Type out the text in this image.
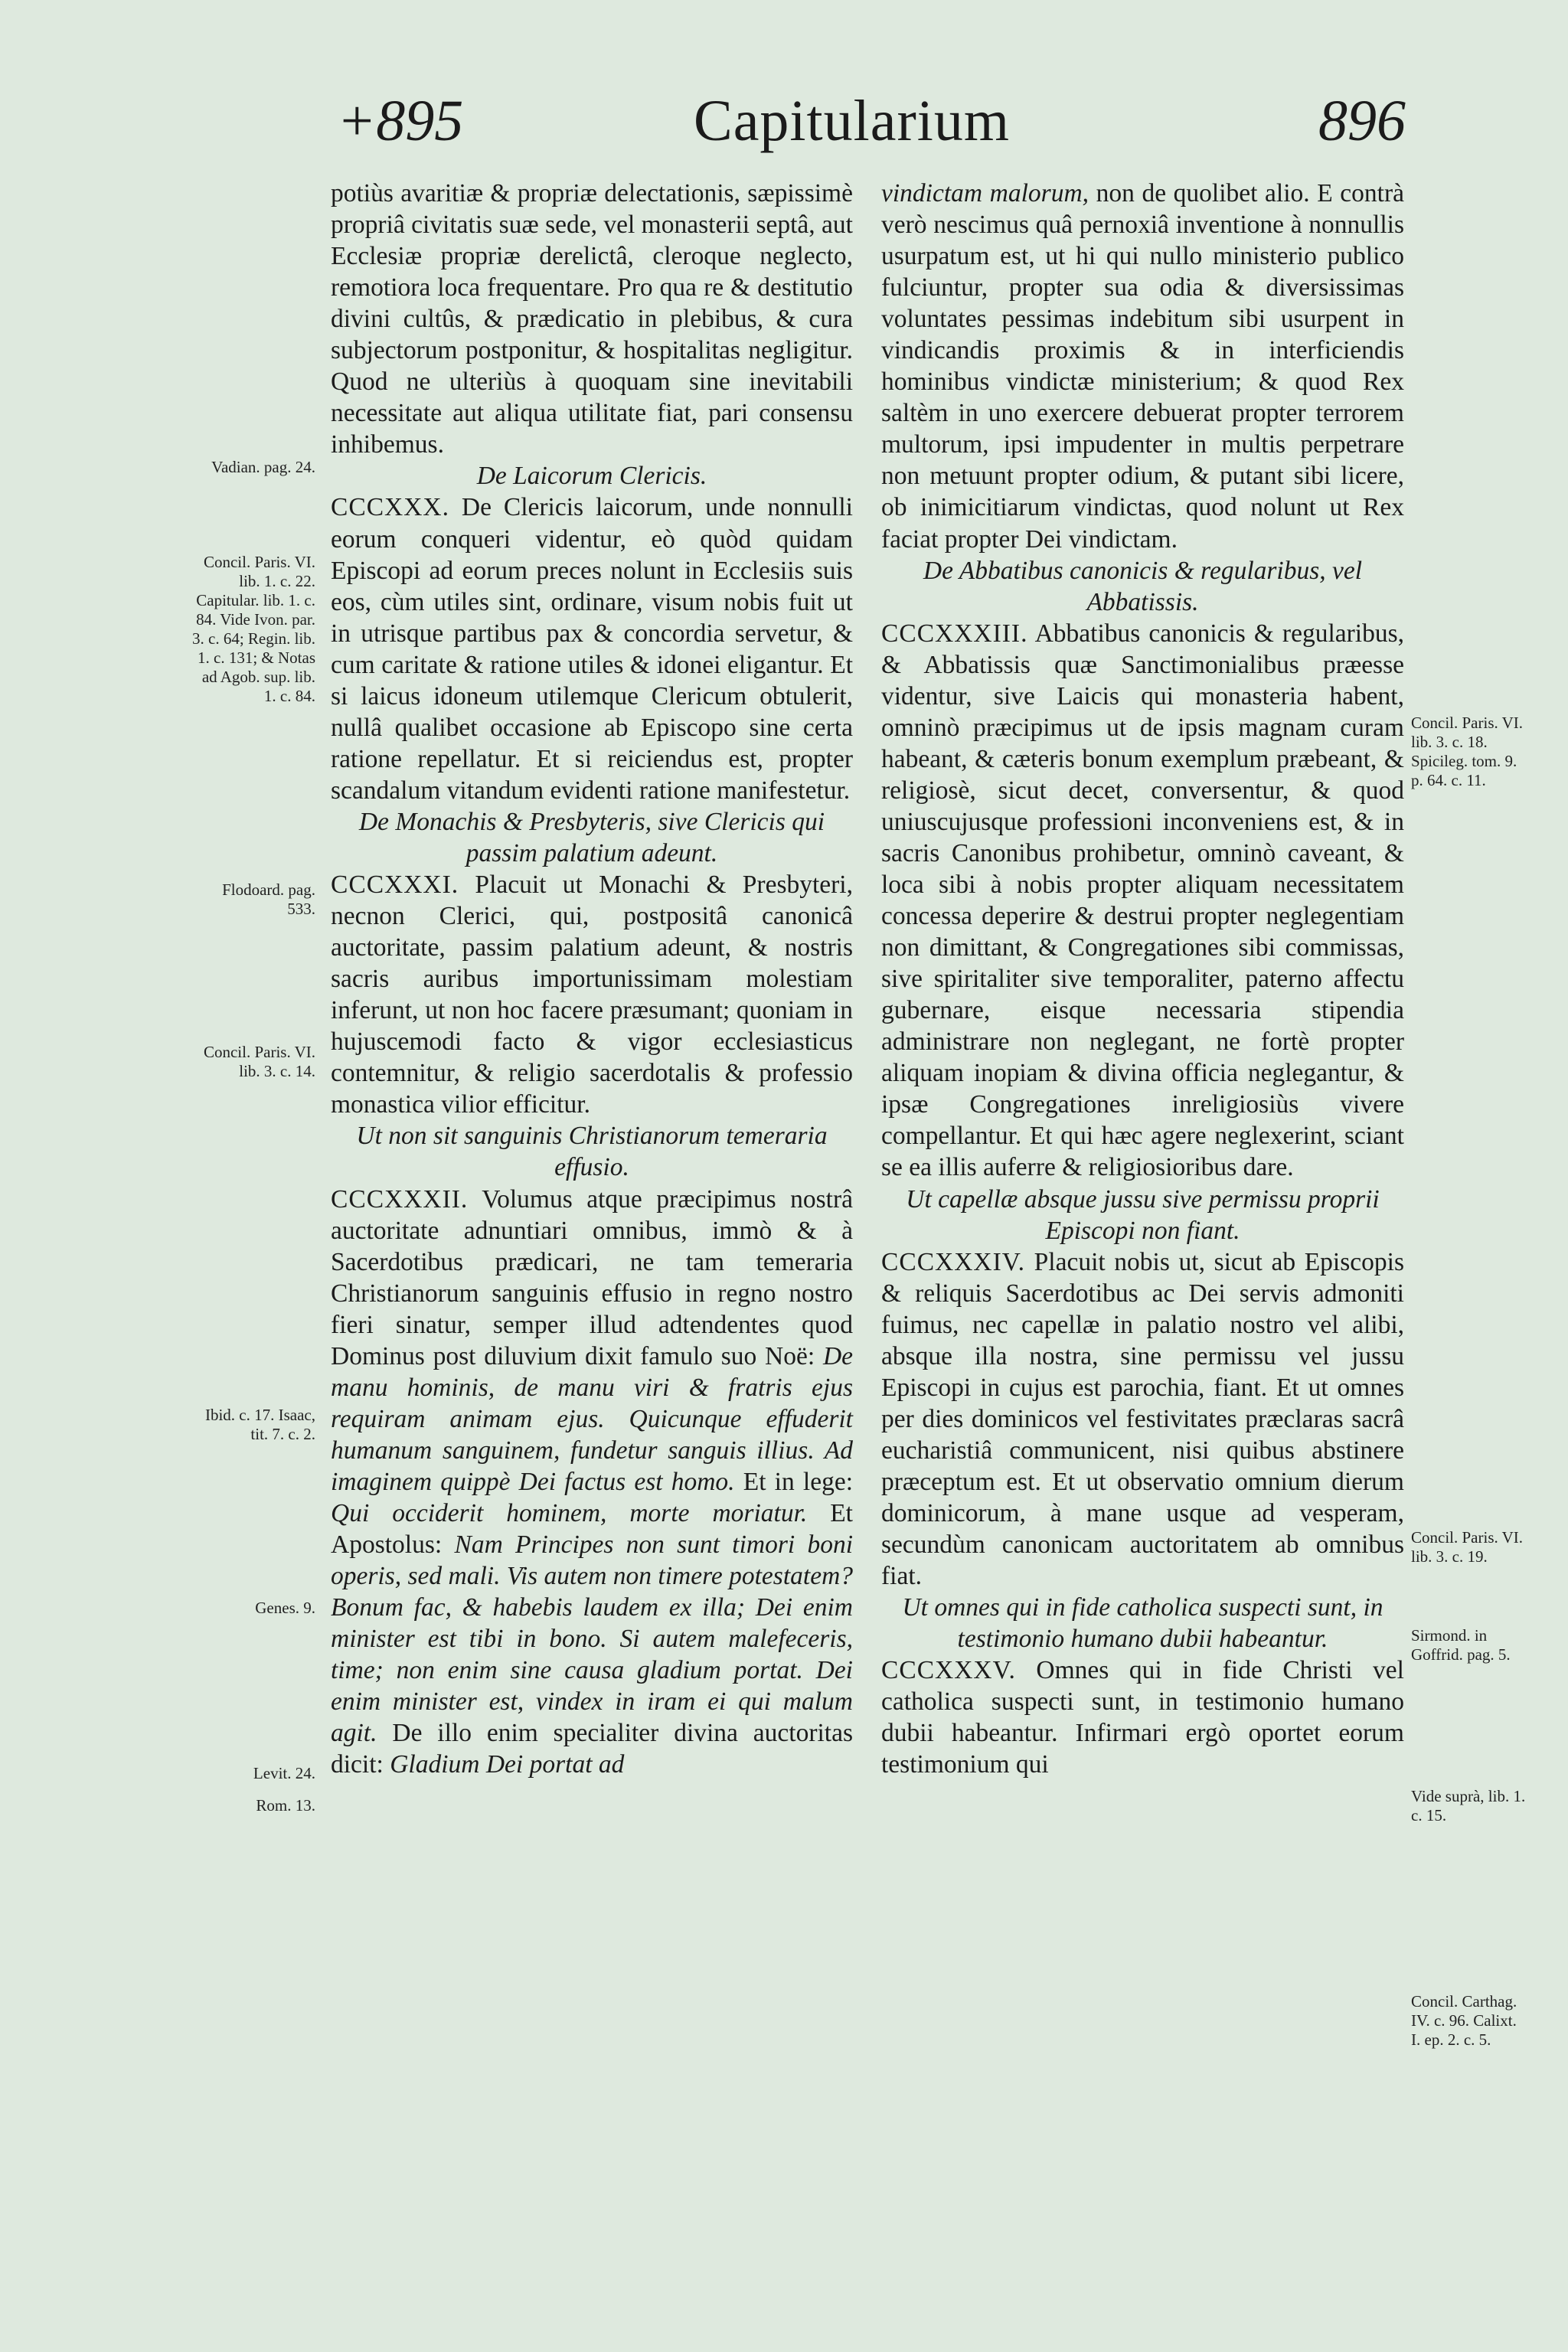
+895	Capitularium	896

potiùs avaritiæ & propriæ delectationis, sæpissimè propriâ civitatis suæ sede, vel monasterii septâ, aut Ecclesiæ propriæ derelictâ, cleroque neglecto, remotiora loca frequentare. Pro qua re & destitutio divini cultûs, & prædicatio in plebibus, & cura subjectorum postponitur, & hospitalitas negligitur. Quod ne ulteriùs à quoquam sine inevitabili necessitate aut aliqua utilitate fiat, pari consensu inhibemus.

De Laicorum Clericis.

CCCXXX. De Clericis laicorum, unde nonnulli eorum conqueri videntur, eò quòd quidam Episcopi ad eorum preces nolunt in Ecclesiis suis eos, cùm utiles sint, ordinare, visum nobis fuit ut in utrisque partibus pax & concordia servetur, & cum caritate & ratione utiles & idonei eligantur. Et si laicus idoneum utilemque Clericum obtulerit, nullâ qualibet occasione ab Episcopo sine certa ratione repellatur. Et si reiciendus est, propter scandalum vitandum evidenti ratione manifestetur.

De Monachis & Presbyteris, sive Clericis qui passim palatium adeunt.

CCCXXXI. Placuit ut Monachi & Presbyteri, necnon Clerici, qui, postpositâ canonicâ auctoritate, passim palatium adeunt, & nostris sacris auribus importunissimam molestiam inferunt, ut non hoc facere præsumant; quoniam in hujuscemodi facto & vigor ecclesiasticus contemnitur, & religio sacerdotalis & professio monastica vilior efficitur.

Ut non sit sanguinis Christianorum temeraria effusio.

CCCXXXII. Volumus atque præcipimus nostrâ auctoritate adnuntiari omnibus, immò & à Sacerdotibus prædicari, ne tam temeraria Christianorum sanguinis effusio in regno nostro fieri sinatur, semper illud adtendentes quod Dominus post diluvium dixit famulo suo Noë: De manu hominis, de manu viri & fratris ejus requiram animam ejus. Quicunque effuderit humanum sanguinem, fundetur sanguis illius. Ad imaginem quippè Dei factus est homo. Et in lege: Qui occiderit hominem, morte moriatur. Et Apostolus: Nam Principes non sunt timori boni operis, sed mali. Vis autem non timere potestatem? Bonum fac, & habebis laudem ex illa; Dei enim minister est tibi in bono. Si autem malefeceris, time; non enim sine causa gladium portat. Dei enim minister est, vindex in iram ei qui malum agit. De illo enim specialiter divina auctoritas dicit: Gladium Dei portat ad

vindictam malorum, non de quolibet alio. E contrà verò nescimus quâ pernoxiâ inventione à nonnullis usurpatum est, ut hi qui nullo ministerio publico fulciuntur, propter sua odia & diversissimas voluntates pessimas indebitum sibi usurpent in vindicandis proximis & in interficiendis hominibus vindictæ ministerium; & quod Rex saltèm in uno exercere debuerat propter terrorem multorum, ipsi impudenter in multis perpetrare non metuunt propter odium, & putant sibi licere, ob inimicitiarum vindictas, quod nolunt ut Rex faciat propter Dei vindictam.

De Abbatibus canonicis & regularibus, vel Abbatissis.

CCCXXXIII. Abbatibus canonicis & regularibus, & Abbatissis quæ Sanctimonialibus præesse videntur, sive Laicis qui monasteria habent, omninò præcipimus ut de ipsis magnam curam habeant, & cæteris bonum exemplum præbeant, & religiosè, sicut decet, conversentur, & quod uniuscujusque professioni inconveniens est, & in sacris Canonibus prohibetur, omninò caveant, & loca sibi à nobis propter aliquam necessitatem concessa deperire & destrui propter neglegentiam non dimittant, & Congregationes sibi commissas, sive spiritaliter sive temporaliter, paterno affectu gubernare, eisque necessaria stipendia administrare non neglegant, ne fortè propter aliquam inopiam & divina officia neglegantur, & ipsæ Congregationes inreligiosiùs vivere compellantur. Et qui hæc agere neglexerint, sciant se ea illis auferre & religiosioribus dare.

Ut capellæ absque jussu sive permissu proprii Episcopi non fiant.

CCCXXXIV. Placuit nobis ut, sicut ab Episcopis & reliquis Sacerdotibus ac Dei servis admoniti fuimus, nec capellæ in palatio nostro vel alibi, absque illa nostra, sine permissu vel jussu Episcopi in cujus est parochia, fiant. Et ut omnes per dies dominicos vel festivitates præclaras sacrâ eucharistiâ communicent, nisi quibus abstinere præceptum est. Et ut observatio omnium dierum dominicorum, à mane usque ad vesperam, secundùm canonicam auctoritatem ab omnibus fiat.

Ut omnes qui in fide catholica suspecti sunt, in testimonio humano dubii habeantur.

CCCXXXV. Omnes qui in fide Christi vel catholica suspecti sunt, in testimonio humano dubii habeantur. Infirmari ergò oportet eorum testimonium qui

Vadian. pag. 24.
Concil. Paris. VI. lib. 1. c. 22. Capitular. lib. 1. c. 84. Vide Ivon. par. 3. c. 64; Regin. lib. 1. c. 131; & Notas ad Agob. sup. lib. 1. c. 84.
Flodoard. pag. 533.
Concil. Paris. VI. lib. 3. c. 14.
Ibid. c. 17. Isaac, tit. 7. c. 2.
Genes. 9.
Levit. 24.
Rom. 13.
Concil. Paris. VI. lib. 3. c. 18. Spicileg. tom. 9. p. 64. c. 11.
Concil. Paris. VI. lib. 3. c. 19.
Sirmond. in Goffrid. pag. 5.
Vide suprà, lib. 1. c. 15.
Concil. Carthag. IV. c. 96. Calixt. I. ep. 2. c. 5.
